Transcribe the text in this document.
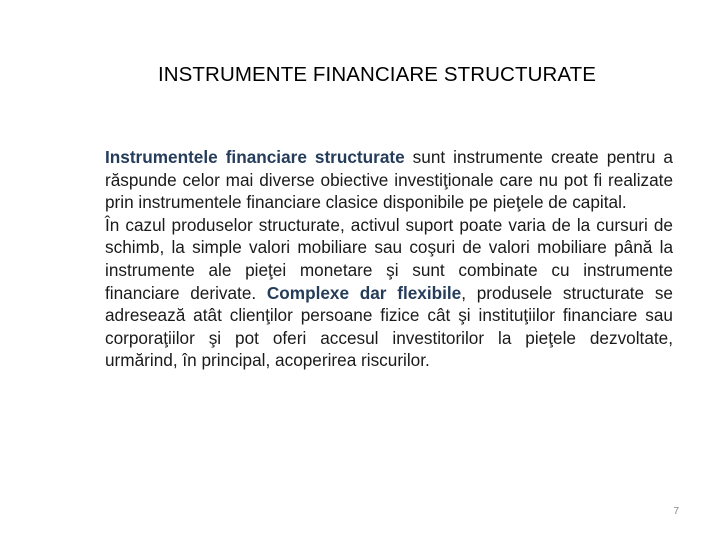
INSTRUMENTE FINANCIARE STRUCTURATE

Instrumentele financiare structurate sunt instrumente create pentru a răspunde celor mai diverse obiective investiţionale care nu pot fi realizate prin instrumentele financiare clasice disponibile pe pieţele de capital.

În cazul produselor structurate, activul suport poate varia de la cursuri de schimb, la simple valori mobiliare sau coşuri de valori mobiliare până la instrumente ale pieţei monetare şi sunt combinate cu instrumente financiare derivate. Complexe dar flexibile, produsele structurate se adresează atât clienţilor persoane fizice cât şi instituţiilor financiare sau corporaţiilor şi pot oferi accesul investitorilor la pieţele dezvoltate, urmărind, în principal, acoperirea riscurilor.

7
